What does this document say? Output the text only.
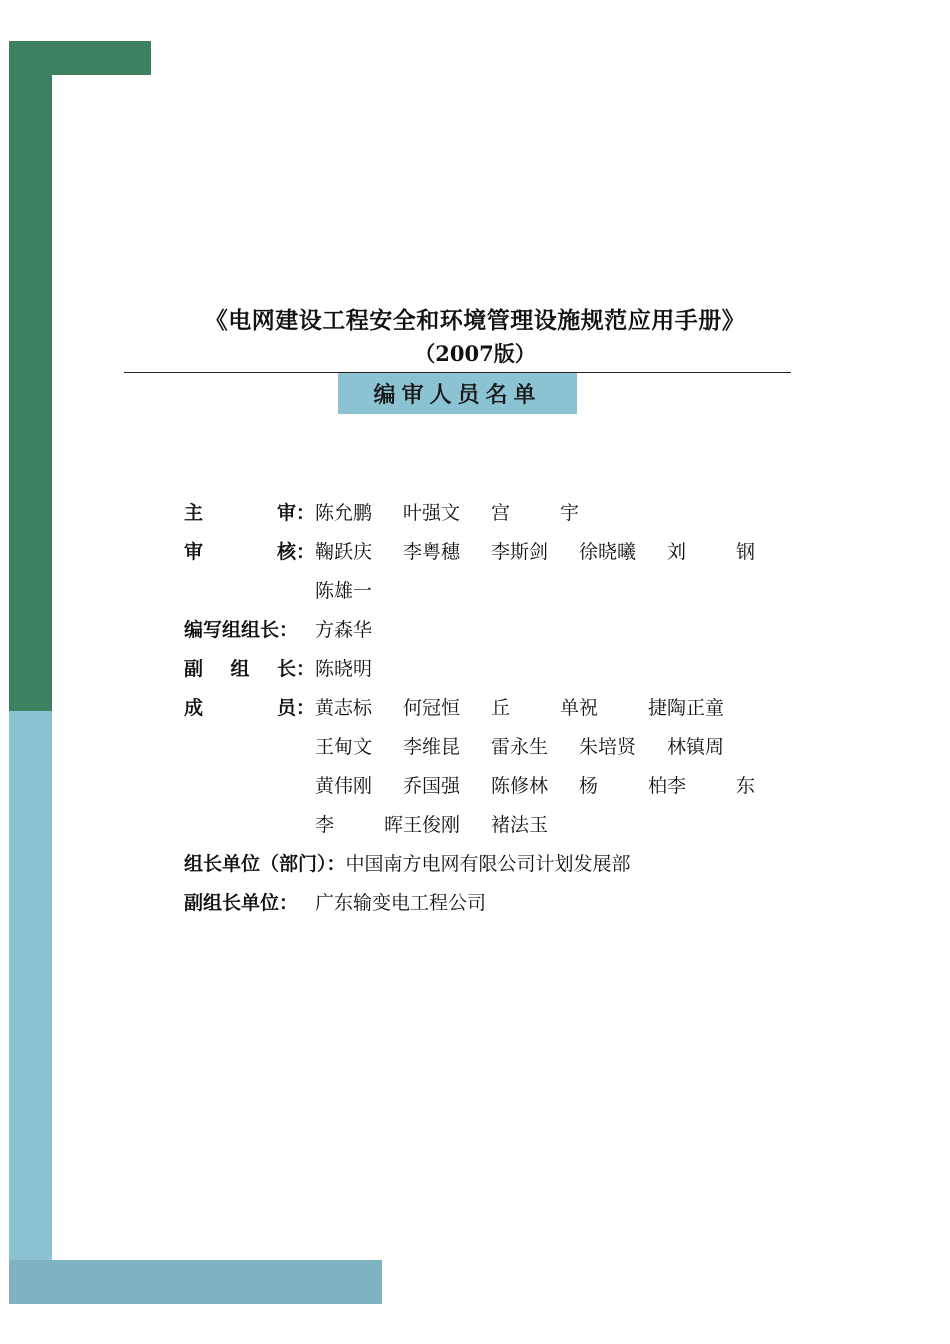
《电网建设工程安全和环境管理设施规范应用手册》
（2007版）
编审人员名单
主	审： 陈允鹏	叶强文	宫	宇
审	核： 鞠跃庆	李粤穗	李斯剑	徐晓曦	刘	钢
陈雄一
编写组组长： 方森华
副 组 长： 陈晓明
成	员： 黄志标	何冠恒	丘	单 祝	捷 陶正童
王甸文	李维昆	雷永生	朱培贤	林镇周
黄伟刚	乔国强	陈修林	杨	柏 李	东
李	晖 王俊刚	褚法玉
组长单位（部门）： 中国南方电网有限公司计划发展部
副组长单位： 广东输变电工程公司
